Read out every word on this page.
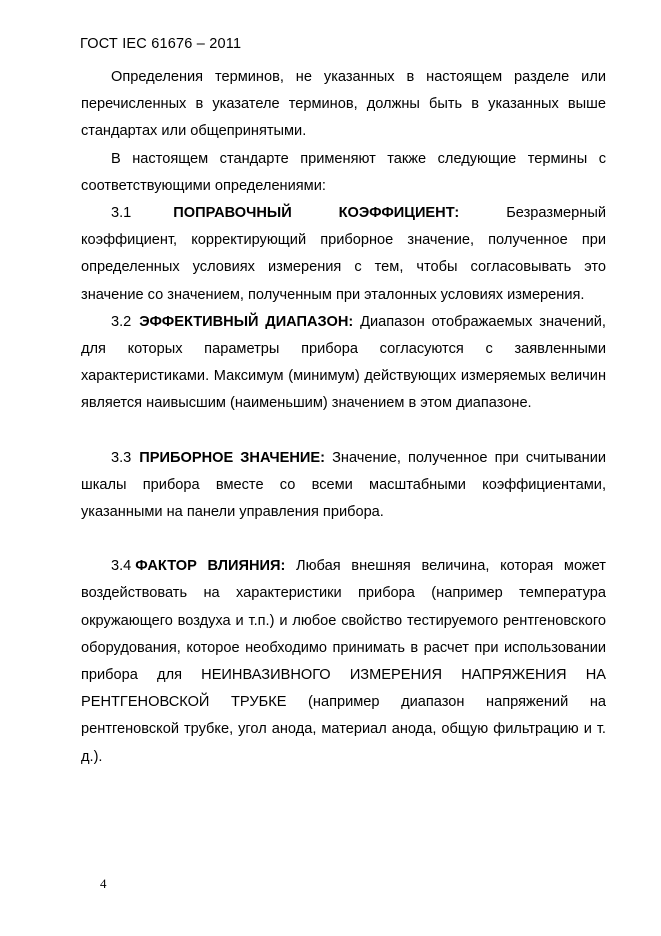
ГОСТ IEC 61676 – 2011

Определения терминов, не указанных в настоящем разделе или перечисленных в указателе терминов, должны быть в указанных выше стандартах или общепринятыми.

В настоящем стандарте применяют также следующие термины с соответствующими определениями:

3.1	ПОПРАВОЧНЫЙ КОЭФФИЦИЕНТ: Безразмерный коэффициент, корректирующий приборное значение, полученное при определенных условиях измерения с тем, чтобы согласовывать это значение со значением, полученным при эталонных условиях измерения.

3.2 ЭФФЕКТИВНЫЙ ДИАПАЗОН: Диапазон отображаемых значений, для которых параметры прибора согласуются с заявленными характеристиками. Максимум (минимум) действующих измеряемых величин является наивысшим (наименьшим) значением в этом диапазоне.

3.3 ПРИБОРНОЕ ЗНАЧЕНИЕ: Значение, полученное при считывании шкалы прибора вместе со всеми масштабными коэффициентами, указанными на панели управления прибора.

3.4 ФАКТОР ВЛИЯНИЯ: Любая внешняя величина, которая может воздействовать на характеристики прибора (например температура окружающего воздуха и т.п.) и любое свойство тестируемого рентгеновского оборудования, которое необходимо принимать в расчет при использовании прибора для НЕИНВАЗИВНОГО ИЗМЕРЕНИЯ НАПРЯЖЕНИЯ НА РЕНТГЕНОВСКОЙ ТРУБКЕ (например диапазон напряжений на рентгеновской трубке, угол анода, материал анода, общую фильтрацию и т. д.).

4
